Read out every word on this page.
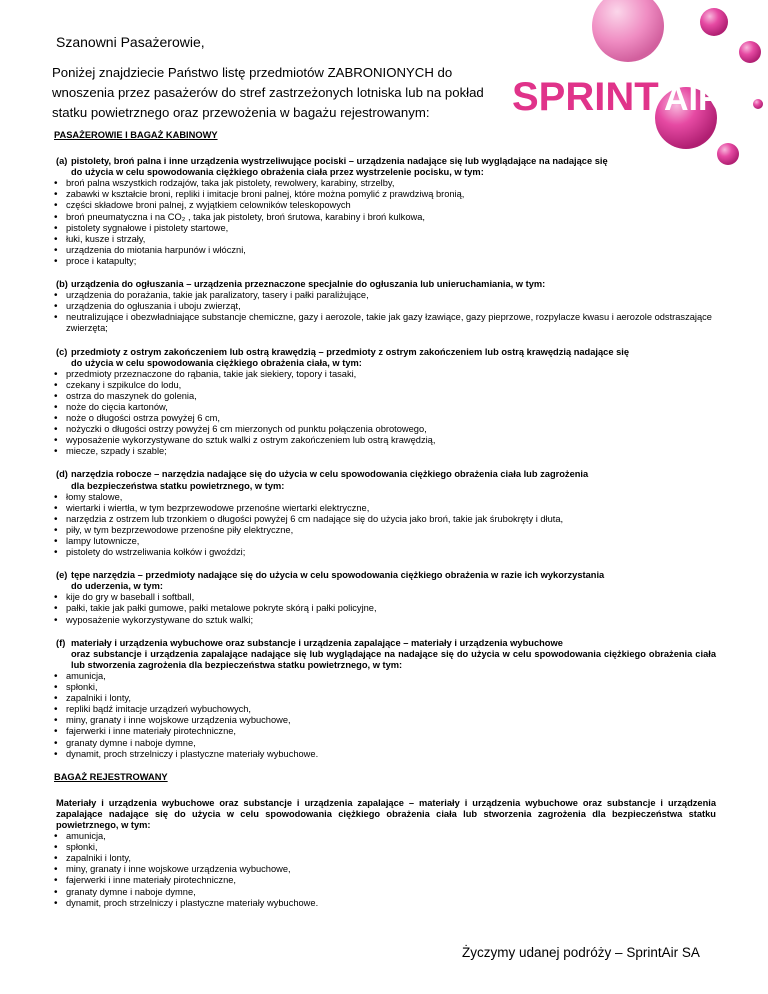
Szanowni Pasażerowie,
Poniżej znajdziecie Państwo listę przedmiotów ZABRONIONYCH do wnoszenia przez pasażerów do stref zastrzeżonych lotniska lub na pokład statku powietrznego oraz przewożenia w bagażu rejestrowanym:	SPRINT AIR
PASAŻEROWIE I BAGAŻ KABINOWY
(a) pistolety, broń palna i inne urządzenia wystrzeliwujące pociski – urządzenia nadające się lub wyglądające na nadające się
do użycia w celu spowodowania ciężkiego obrażenia ciała przez wystrzelenie pocisku, w tym:
• broń palna wszystkich rodzajów, taka jak pistolety, rewolwery, karabiny, strzelby,
• zabawki w kształcie broni, repliki i imitacje broni palnej, które można pomylić z prawdziwą bronią,
• części składowe broni palnej, z wyjątkiem celowników teleskopowych
• broń pneumatyczna i na CO₂ , taka jak pistolety, broń śrutowa, karabiny i broń kulkowa,
• pistolety sygnałowe i pistolety startowe,
• łuki, kusze i strzały,
• urządzenia do miotania harpunów i włóczni,
• proce i katapulty;
(b) urządzenia do ogłuszania – urządzenia przeznaczone specjalnie do ogłuszania lub unieruchamiania, w tym:
• urządzenia do porażania, takie jak paralizatory, tasery i pałki paraliżujące,
• urządzenia do ogłuszania i uboju zwierząt,
• neutralizujące i obezwładniające substancje chemiczne, gazy i aerozole, takie jak gazy łzawiące, gazy pieprzowe, rozpylacze kwasu i aerozole odstraszające zwierzęta;
(c) przedmioty z ostrym zakończeniem lub ostrą krawędzią – przedmioty z ostrym zakończeniem lub ostrą krawędzią nadające się
do użycia w celu spowodowania ciężkiego obrażenia ciała, w tym:
• przedmioty przeznaczone do rąbania, takie jak siekiery, topory i tasaki,
• czekany i szpikulce do lodu,
• ostrza do maszynek do golenia,
• noże do cięcia kartonów,
• noże o długości ostrza powyżej 6 cm,
• nożyczki o długości ostrzy powyżej 6 cm mierzonych od punktu połączenia obrotowego,
• wyposażenie wykorzystywane do sztuk walki z ostrym zakończeniem lub ostrą krawędzią,
• miecze, szpady i szable;
(d) narzędzia robocze – narzędzia nadające się do użycia w celu spowodowania ciężkiego obrażenia ciała lub zagrożenia
dla bezpieczeństwa statku powietrznego, w tym:
• łomy stalowe,
• wiertarki i wiertła, w tym bezprzewodowe przenośne wiertarki elektryczne,
• narzędzia z ostrzem lub trzonkiem o długości powyżej 6 cm nadające się do użycia jako broń, takie jak śrubokręty i dłuta,
• piły, w tym bezprzewodowe przenośne piły elektryczne,
• lampy lutownicze,
• pistolety do wstrzeliwania kołków i gwoździ;
(e) tępe narzędzia – przedmioty nadające się do użycia w celu spowodowania ciężkiego obrażenia w razie ich wykorzystania
do uderzenia, w tym:
• kije do gry w baseball i softball,
• pałki, takie jak pałki gumowe, pałki metalowe pokryte skórą i pałki policyjne,
• wyposażenie wykorzystywane do sztuk walki;
(f) materiały i urządzenia wybuchowe oraz substancje i urządzenia zapalające – materiały i urządzenia wybuchowe
oraz substancje i urządzenia zapalające nadające się lub wyglądające na nadające się do użycia w celu spowodowania ciężkiego obrażenia ciała lub stworzenia zagrożenia dla bezpieczeństwa statku powietrznego, w tym:
• amunicja,
• spłonki,
• zapalniki i lonty,
• repliki bądź imitacje urządzeń wybuchowych,
• miny, granaty i inne wojskowe urządzenia wybuchowe,
• fajerwerki i inne materiały pirotechniczne,
• granaty dymne i naboje dymne,
• dynamit, proch strzelniczy i plastyczne materiały wybuchowe.
BAGAŻ REJESTROWANY
Materiały i urządzenia wybuchowe oraz substancje i urządzenia zapalające – materiały i urządzenia wybuchowe oraz substancje i urządzenia zapalające nadające się do użycia w celu spowodowania ciężkiego obrażenia ciała lub stworzenia zagrożenia dla bezpieczeństwa statku powietrznego, w tym:
• amunicja,
• spłonki,
• zapalniki i lonty,
• miny, granaty i inne wojskowe urządzenia wybuchowe,
• fajerwerki i inne materiały pirotechniczne,
• granaty dymne i naboje dymne,
• dynamit, proch strzelniczy i plastyczne materiały wybuchowe.
Życzymy udanej podróży – SprintAir SA
